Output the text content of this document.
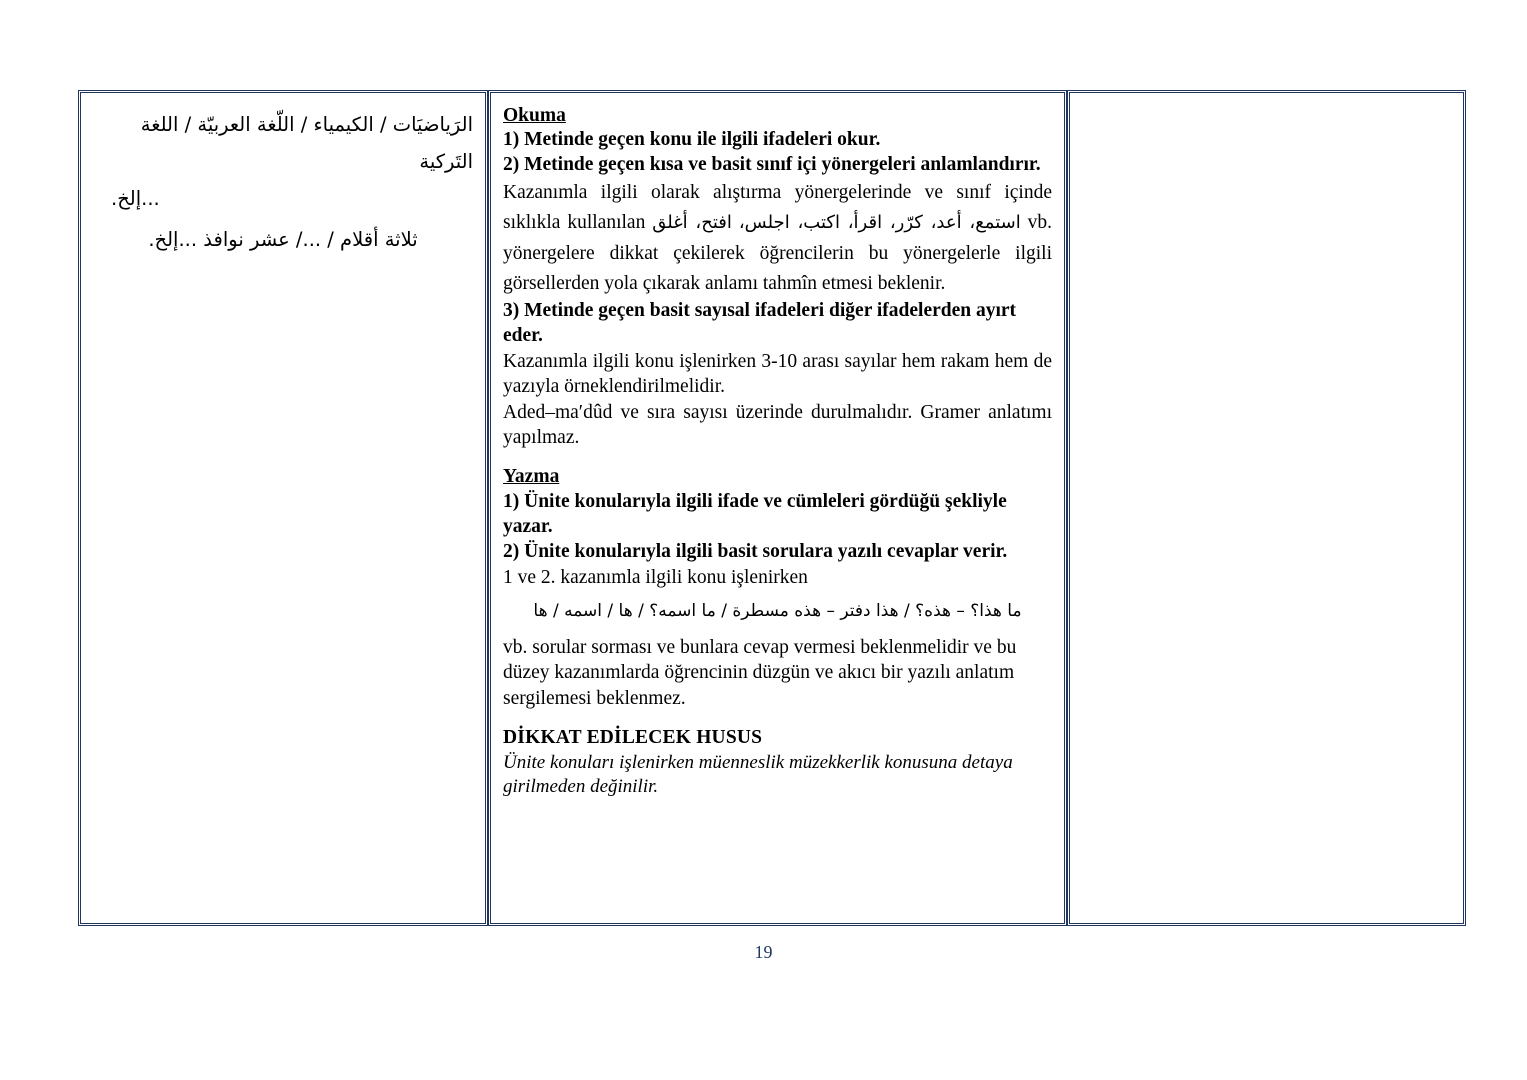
الرَياضيَات / الكيمياء / اللّغة العربيّة / اللغة التَركية
...إلخ.
ثلاثة أقلام / .../ عشر نوافذ ...إلخ.

Okuma

1) Metinde geçen konu ile ilgili ifadeleri okur.

2) Metinde geçen kısa ve basit sınıf içi yönergeleri anlamlandırır.

Kazanımla ilgili olarak alıştırma yönergelerinde ve sınıf içinde sıklıkla kullanılan	استمع، أعد، كرّر، اقرأ، اكتب، اجلس، افتح، أغلق	vb. yönergelere dikkat çekilerek öğrencilerin bu yönergelerle ilgili görsellerden yola çıkarak anlamı tahmîn etmesi beklenir.

3) Metinde geçen basit sayısal ifadeleri diğer ifadelerden ayırt eder.

Kazanımla ilgili konu işlenirken 3-10 arası sayılar hem rakam hem de yazıyla örneklendirilmelidir.

Aded–ma′dûd ve sıra sayısı üzerinde durulmalıdır. Gramer anlatımı yapılmaz.

Yazma

1) Ünite konularıyla ilgili ifade ve cümleleri gördüğü şekliyle yazar.

2) Ünite konularıyla ilgili basit sorulara yazılı cevaplar verir.

1 ve 2. kazanımla ilgili konu işlenirken

ما هذا؟ – هذه؟ / هذا دفتر – هذه مسطرة / ما اسمه؟ / ها / اسمه / ها

vb. sorular sorması ve bunlara cevap vermesi beklenmelidir ve bu düzey kazanımlarda öğrencinin düzgün ve akıcı bir yazılı anlatım sergilemesi beklenmez.

DİKKAT EDİLECEK HUSUS

Ünite konuları işlenirken müenneslik müzekkerlik konusuna detaya girilmeden değinilir.

19
